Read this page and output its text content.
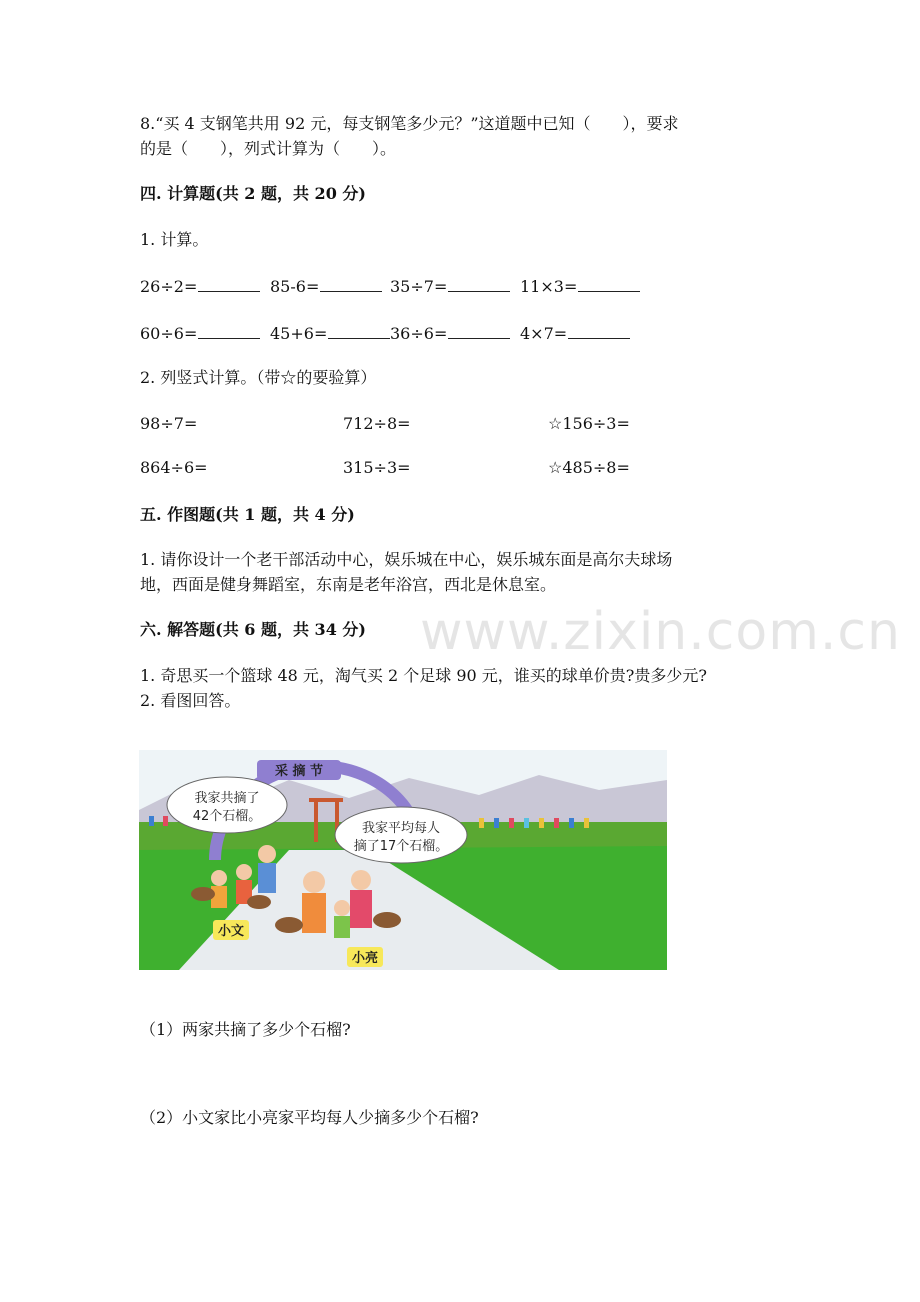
8.“买 4 支钢笔共用 92 元，每支钢笔多少元？”这道题中已知（　　），要求
的是（　　），列式计算为（　　）。
四. 计算题(共 2 题，共 20 分)
1. 计算。
26÷2=	85-6=	35÷7=	11×3=
60÷6=	45+6=	36÷6=	4×7=
2. 列竖式计算。（带☆的要验算）
98÷7=	712÷8=	☆156÷3=
864÷6=	315÷3=	☆485÷8=
五. 作图题(共 1 题，共 4 分)
1. 请你设计一个老干部活动中心，娱乐城在中心，娱乐城东面是高尔夫球场
地，西面是健身舞蹈室，东南是老年浴宫，西北是休息室。
六. 解答题(共 6 题，共 34 分) www.zixin.com.cn
1. 奇思买一个篮球 48 元，淘气买 2 个足球 90 元，谁买的球单价贵?贵多少元?
2. 看图回答。
采 摘 节
我家共摘了
42个石榴。
我家平均每人
摘了17个石榴。
小文
小亮
（1）两家共摘了多少个石榴?
（2）小文家比小亮家平均每人少摘多少个石榴?
